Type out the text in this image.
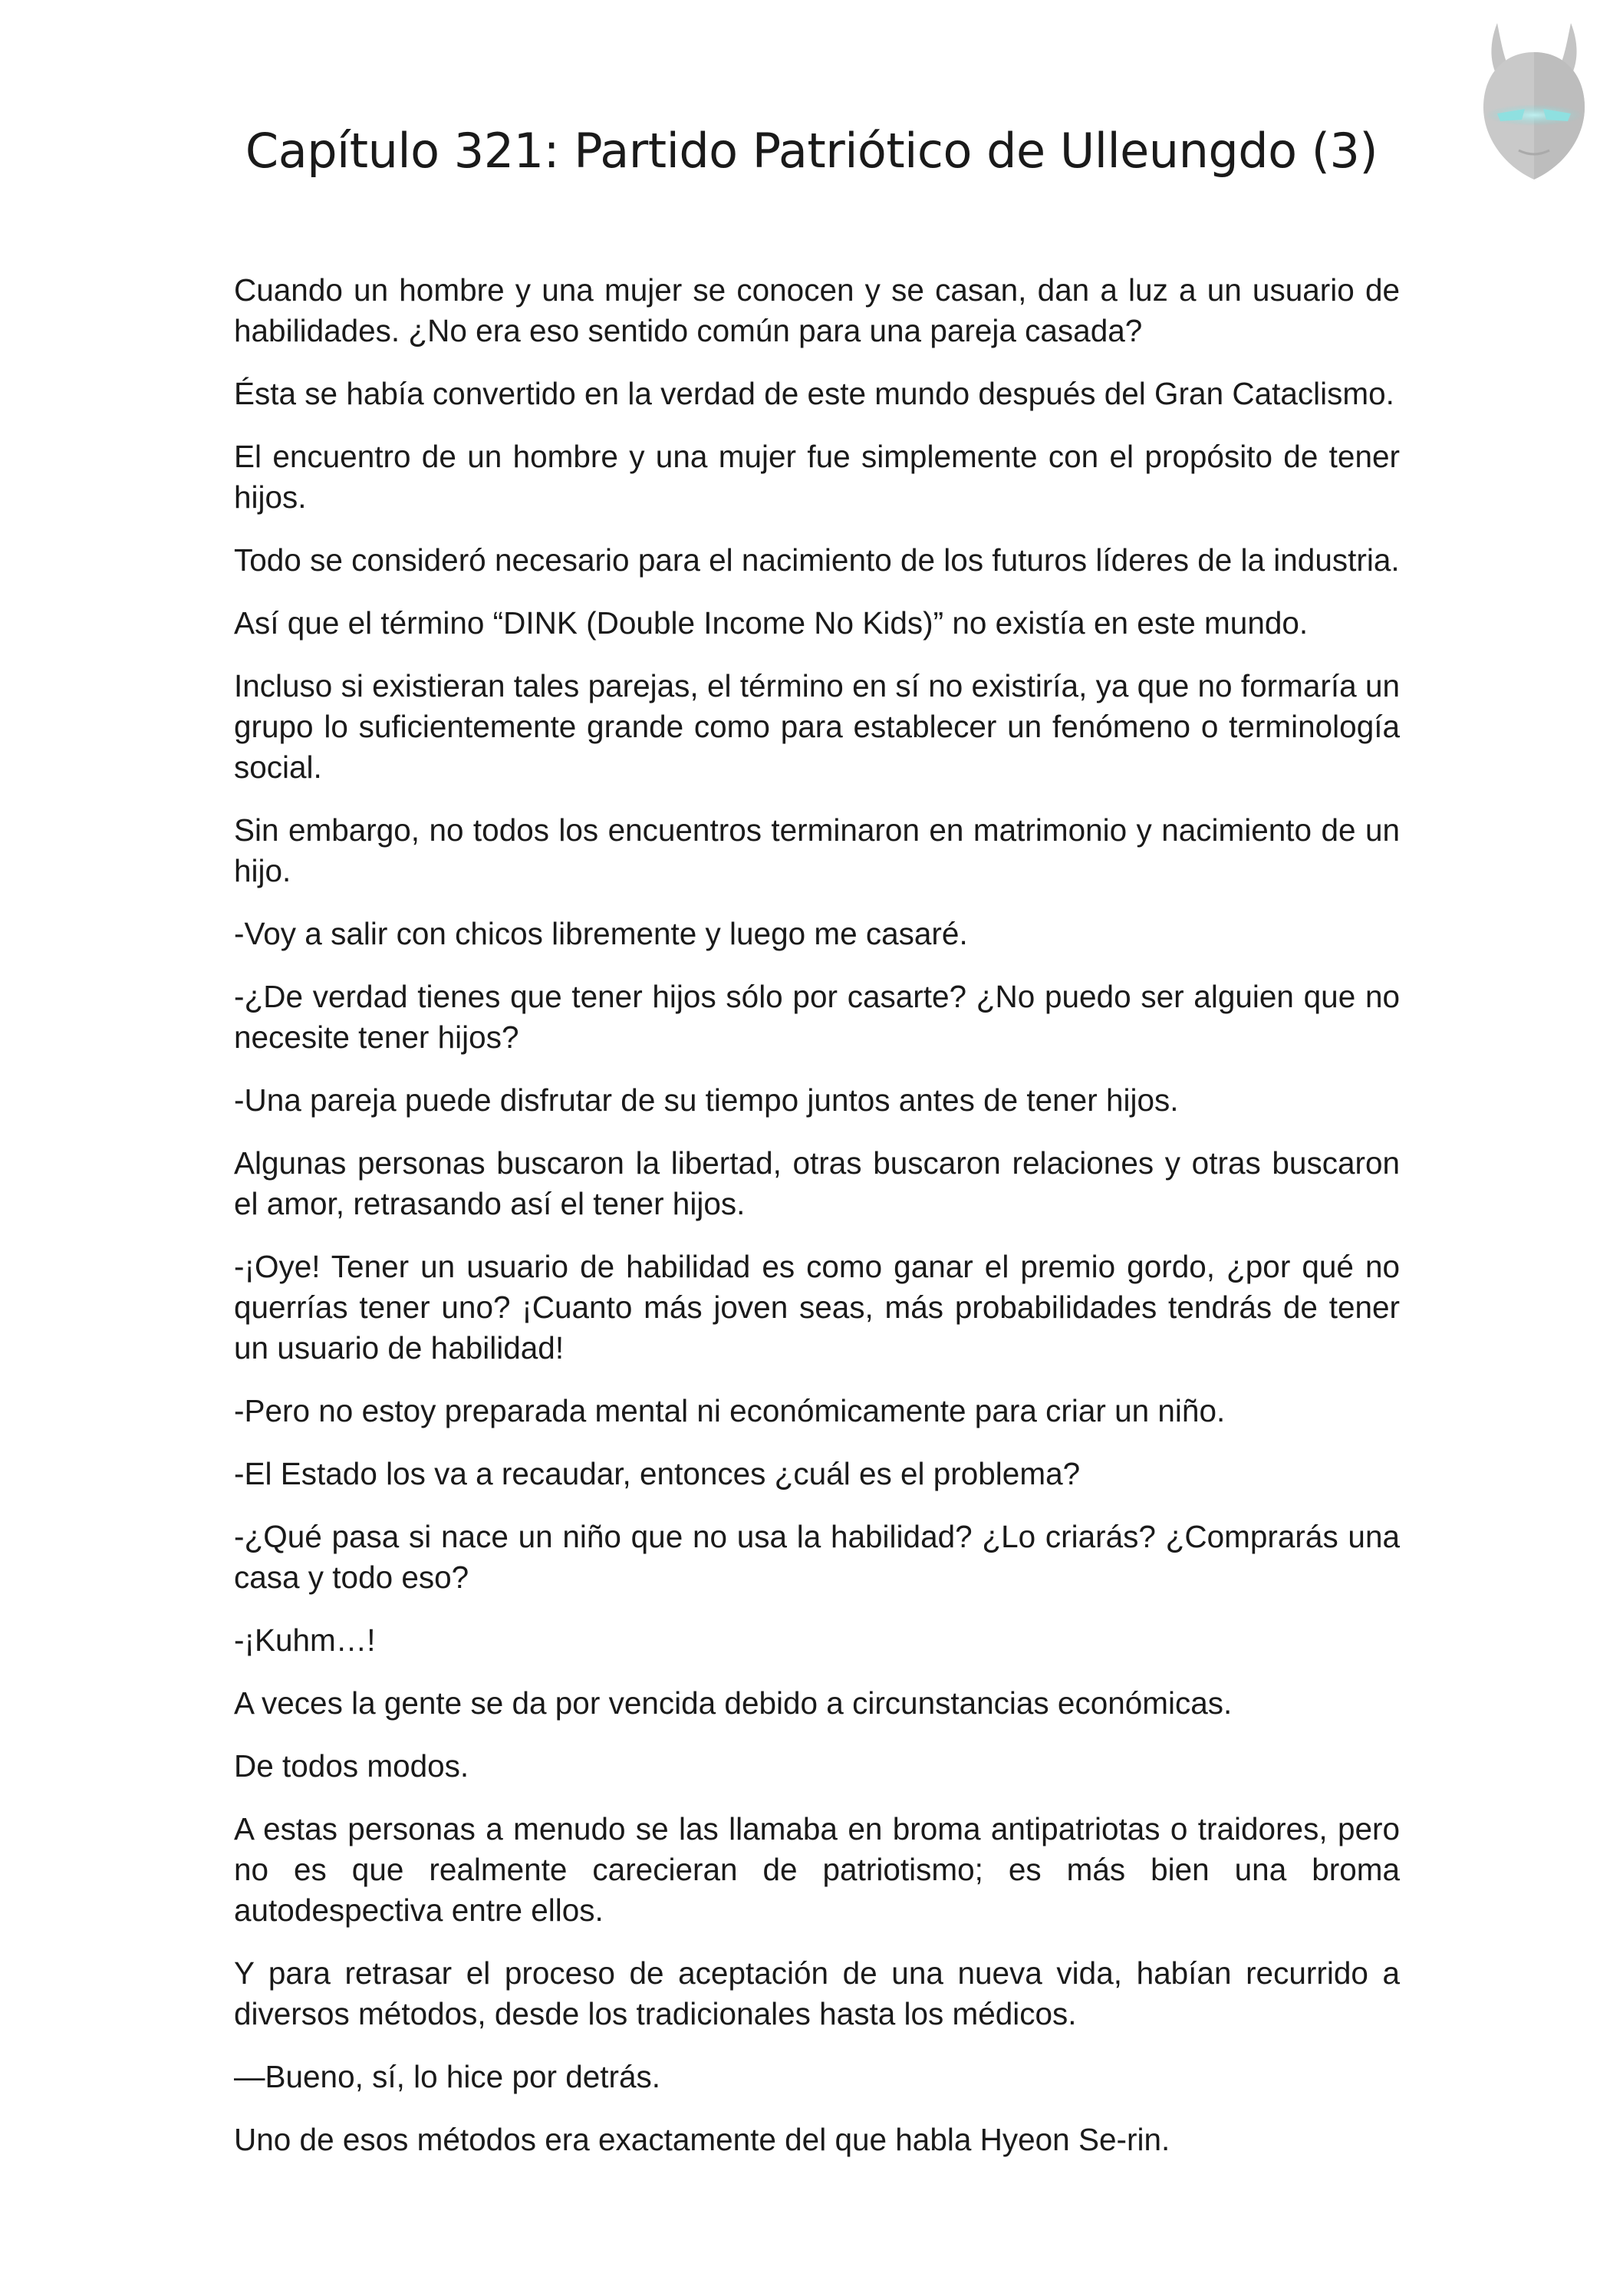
Capítulo 321: Partido Patriótico de Ulleungdo (3)

Cuando un hombre y una mujer se conocen y se casan, dan a luz a un usuario de habilidades. ¿No era eso sentido común para una pareja casada?

Ésta se había convertido en la verdad de este mundo después del Gran Cataclismo.

El encuentro de un hombre y una mujer fue simplemente con el propósito de tener hijos.

Todo se consideró necesario para el nacimiento de los futuros líderes de la industria.

Así que el término “DINK (Double Income No Kids)” no existía en este mundo.

Incluso si existieran tales parejas, el término en sí no existiría, ya que no formaría un grupo lo suficientemente grande como para establecer un fenómeno o terminología social.

Sin embargo, no todos los encuentros terminaron en matrimonio y nacimiento de un hijo.

-Voy a salir con chicos libremente y luego me casaré.

-¿De verdad tienes que tener hijos sólo por casarte? ¿No puedo ser alguien que no necesite tener hijos?

-Una pareja puede disfrutar de su tiempo juntos antes de tener hijos.

Algunas personas buscaron la libertad, otras buscaron relaciones y otras buscaron el amor, retrasando así el tener hijos.

-¡Oye! Tener un usuario de habilidad es como ganar el premio gordo, ¿por qué no querrías tener uno? ¡Cuanto más joven seas, más probabilidades tendrás de tener un usuario de habilidad!

-Pero no estoy preparada mental ni económicamente para criar un niño.

-El Estado los va a recaudar, entonces ¿cuál es el problema?

-¿Qué pasa si nace un niño que no usa la habilidad? ¿Lo criarás? ¿Comprarás una casa y todo eso?

-¡Kuhm…!

A veces la gente se da por vencida debido a circunstancias económicas.

De todos modos.

A estas personas a menudo se las llamaba en broma antipatriotas o traidores, pero no es que realmente carecieran de patriotismo; es más bien una broma autodespectiva entre ellos.

Y para retrasar el proceso de aceptación de una nueva vida, habían recurrido a diversos métodos, desde los tradicionales hasta los médicos.

—Bueno, sí, lo hice por detrás.

Uno de esos métodos era exactamente del que habla Hyeon Se-rin.
